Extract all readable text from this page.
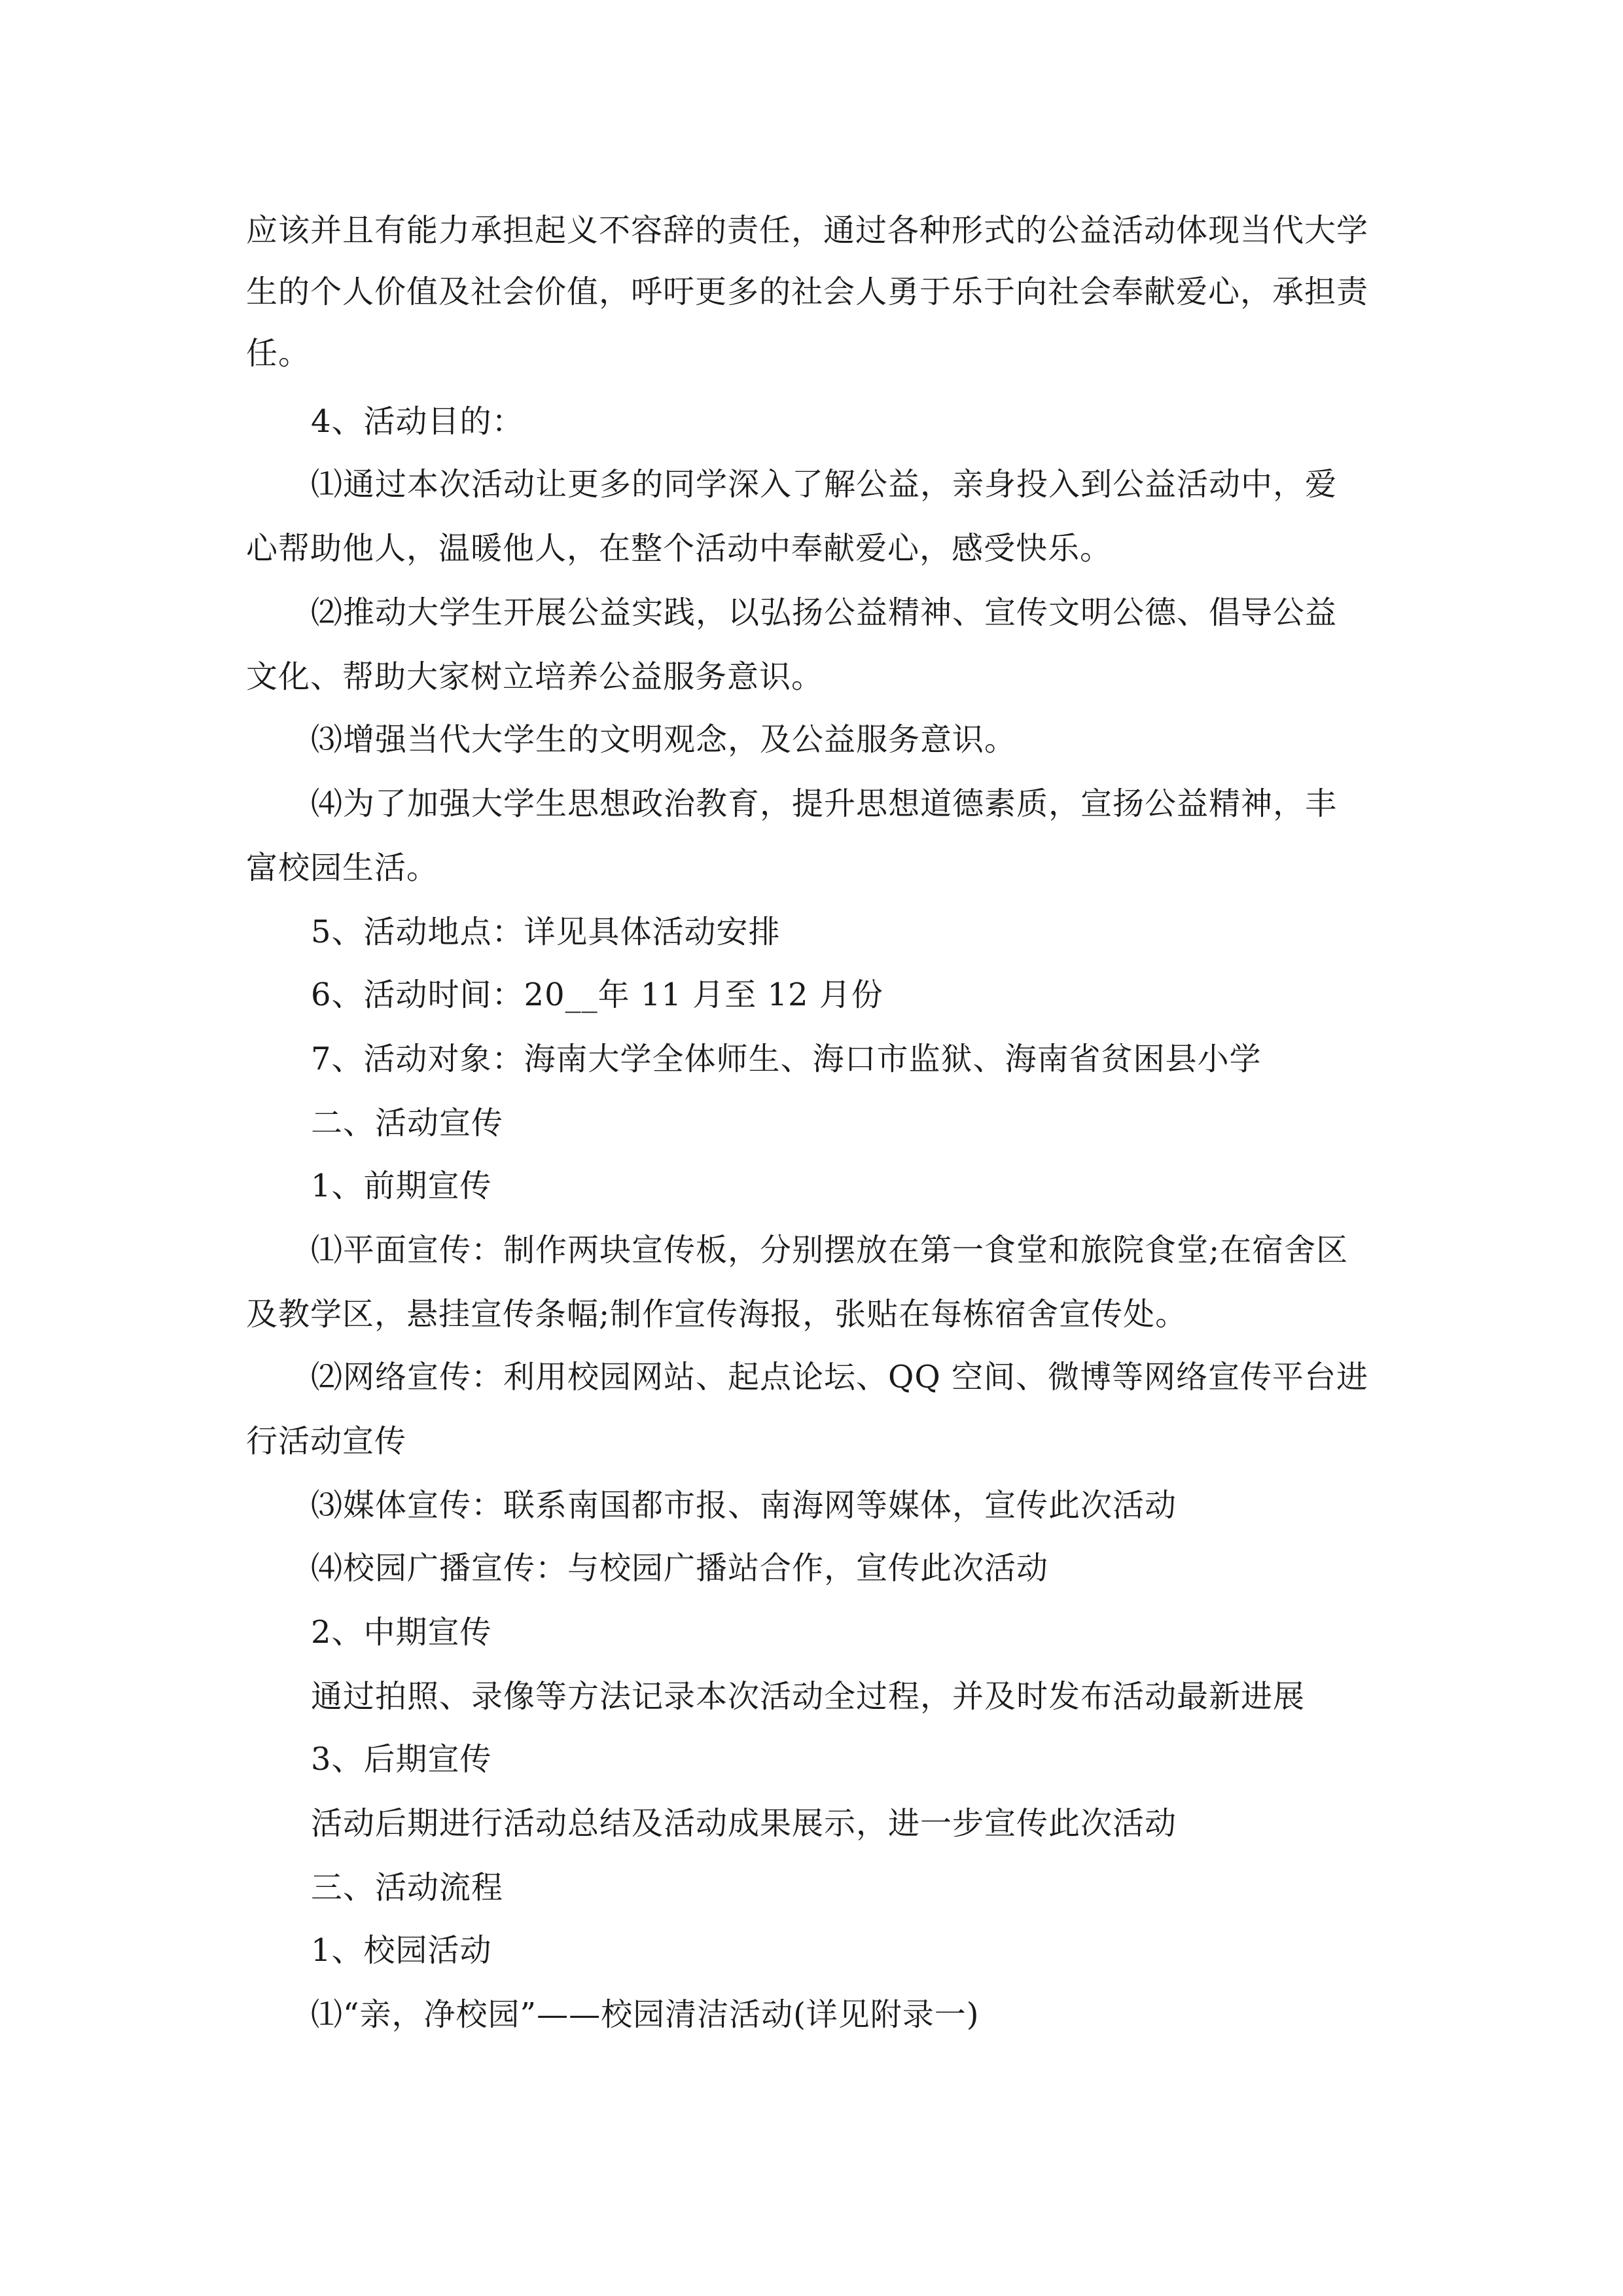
应该并且有能力承担起义不容辞的责任，通过各种形式的公益活动体现当代大学
生的个人价值及社会价值，呼吁更多的社会人勇于乐于向社会奉献爱心，承担责
任。
4、活动目的：
⑴通过本次活动让更多的同学深入了解公益，亲身投入到公益活动中，爱
心帮助他人，温暖他人，在整个活动中奉献爱心，感受快乐。
⑵推动大学生开展公益实践，以弘扬公益精神、宣传文明公德、倡导公益
文化、帮助大家树立培养公益服务意识。
⑶增强当代大学生的文明观念，及公益服务意识。
⑷为了加强大学生思想政治教育，提升思想道德素质，宣扬公益精神，丰
富校园生活。
5、活动地点：详见具体活动安排
6、活动时间：20__年 11 月至 12 月份
7、活动对象：海南大学全体师生、海口市监狱、海南省贫困县小学
二、活动宣传
1、前期宣传
⑴平面宣传：制作两块宣传板，分别摆放在第一食堂和旅院食堂;在宿舍区
及教学区，悬挂宣传条幅;制作宣传海报，张贴在每栋宿舍宣传处。
⑵网络宣传：利用校园网站、起点论坛、QQ 空间、微博等网络宣传平台进
行活动宣传
⑶媒体宣传：联系南国都市报、南海网等媒体，宣传此次活动
⑷校园广播宣传：与校园广播站合作，宣传此次活动
2、中期宣传
通过拍照、录像等方法记录本次活动全过程，并及时发布活动最新进展
3、后期宣传
活动后期进行活动总结及活动成果展示，进一步宣传此次活动
三、活动流程
1、校园活动
⑴“亲，净校园”——校园清洁活动(详见附录一)
